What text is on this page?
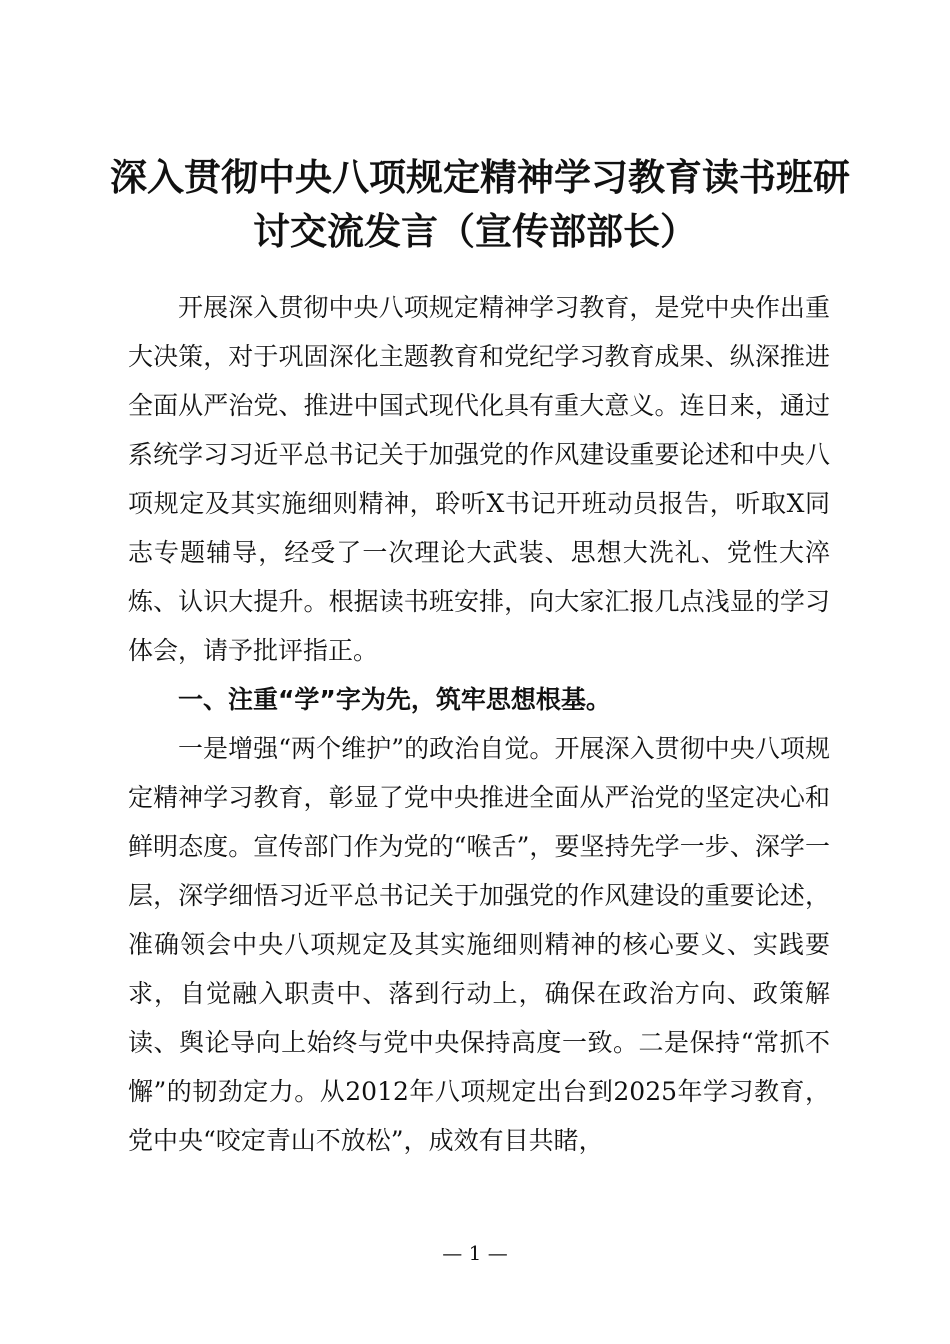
深入贯彻中央八项规定精神学习教育读书班研
讨交流发言（宣传部部长）

开展深入贯彻中央八项规定精神学习教育，是党中央作出重大决策，对于巩固深化主题教育和党纪学习教育成果、纵深推进全面从严治党、推进中国式现代化具有重大意义。连日来，通过系统学习习近平总书记关于加强党的作风建设重要论述和中央八项规定及其实施细则精神，聆听X书记开班动员报告，听取X同志专题辅导，经受了一次理论大武装、思想大洗礼、党性大淬炼、认识大提升。根据读书班安排，向大家汇报几点浅显的学习体会，请予批评指正。

一、注重“学”字为先，筑牢思想根基。

一是增强“两个维护”的政治自觉。开展深入贯彻中央八项规定精神学习教育，彰显了党中央推进全面从严治党的坚定决心和鲜明态度。宣传部门作为党的“喉舌”，要坚持先学一步、深学一层，深学细悟习近平总书记关于加强党的作风建设的重要论述，准确领会中央八项规定及其实施细则精神的核心要义、实践要求，自觉融入职责中、落到行动上，确保在政治方向、政策解读、舆论导向上始终与党中央保持高度一致。二是保持“常抓不懈”的韧劲定力。从2012年八项规定出台到2025年学习教育，党中央“咬定青山不放松”，成效有目共睹，

— 1 —
